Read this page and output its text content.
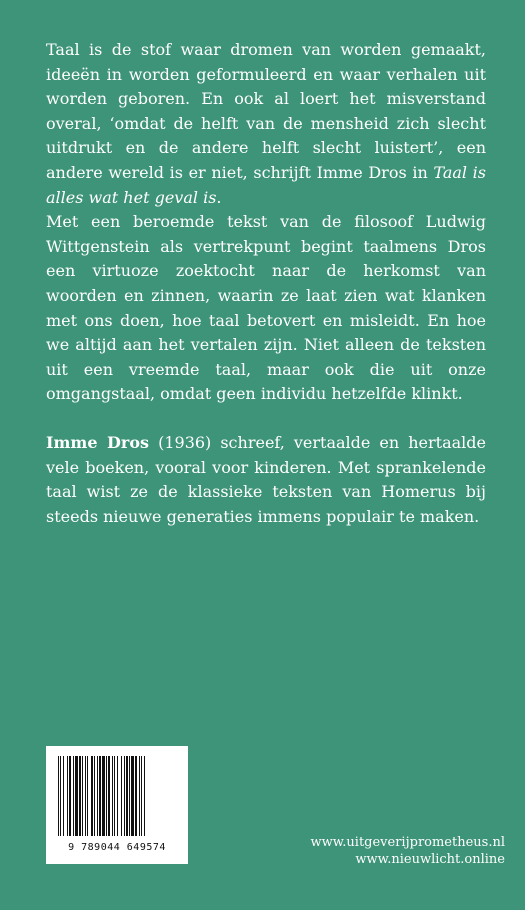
Taal is de stof waar dromen van worden gemaakt, ideeën in worden geformuleerd en waar verhalen uit worden geboren. En ook al loert het misverstand overal, ‘omdat de helft van de mensheid zich slecht uitdrukt en de andere helft slecht luistert’, een andere wereld is er niet, schrijft Imme Dros in Taal is alles wat het geval is.

Met een beroemde tekst van de filosoof Ludwig Wittgenstein als vertrekpunt begint taalmens Dros een virtuoze zoektocht naar de herkomst van woorden en zinnen, waarin ze laat zien wat klanken met ons doen, hoe taal betovert en misleidt. En hoe we altijd aan het vertalen zijn. Niet alleen de teksten uit een vreemde taal, maar ook die uit onze omgangstaal, omdat geen individu hetzelfde klinkt.

Imme Dros (1936) schreef, vertaalde en hertaalde vele boeken, vooral voor kinderen. Met sprankelende taal wist ze de klassieke teksten van Homerus bij steeds nieuwe generaties immens populair te maken.

9 789044 649574	www.uitgeverijprometheus.nl
www.nieuwlicht.online
